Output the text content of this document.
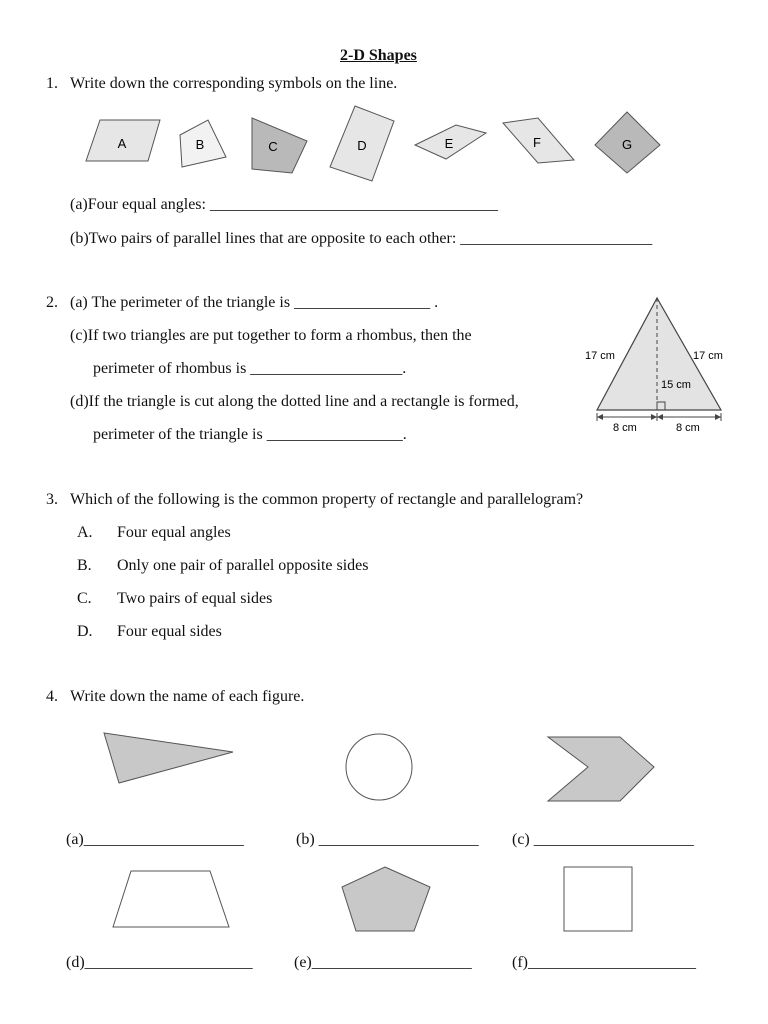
2-D Shapes
1. Write down the corresponding symbols on the line.
A	B	C	D	E	F	G
(a)Four equal angles: ____________________________________
(b)Two pairs of parallel lines that are opposite to each other: ________________________
2. (a) The perimeter of the triangle is _________________ .
(c)If two triangles are put together to form a rhombus, then the
perimeter of rhombus is ___________________.
(d)If the triangle is cut along the dotted line and a rectangle is formed,
perimeter of the triangle is _________________.
17 cm	17 cm
15 cm
8 cm	8 cm
3. Which of the following is the common property of rectangle and parallelogram?
A. Four equal angles
B. Only one pair of parallel opposite sides
C. Two pairs of equal sides
D. Four equal sides
4. Write down the name of each figure.
(a)____________________	(b) ____________________ (c) ____________________
(d)_____________________	(e)____________________	(f)_____________________
